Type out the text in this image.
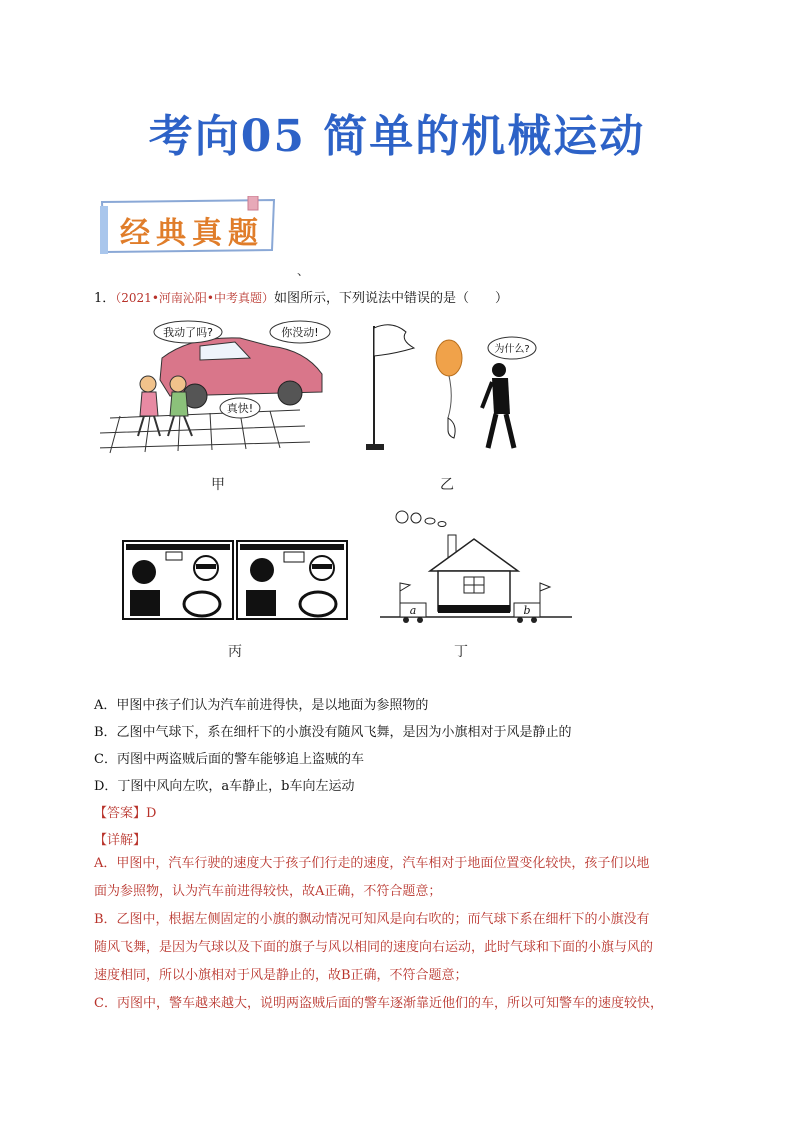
考向05 简单的机械运动
经典真题
、
1．（2021•河南沁阳•中考真题）如图所示，下列说法中错误的是（　　）
我动了吗?	你没动!
真快!
甲
为什么?
乙
丙
a	b
丁
A．甲图中孩子们认为汽车前进得快，是以地面为参照物的
B．乙图中气球下，系在细杆下的小旗没有随风飞舞，是因为小旗相对于风是静止的
C．丙图中两盗贼后面的警车能够追上盗贼的车
D．丁图中风向左吹，a车静止，b车向左运动
【答案】D
【详解】
A．甲图中，汽车行驶的速度大于孩子们行走的速度，汽车相对于地面位置变化较快，孩子们以地
面为参照物，认为汽车前进得较快，故A正确，不符合题意；
B．乙图中，根据左侧固定的小旗的飘动情况可知风是向右吹的；而气球下系在细杆下的小旗没有
随风飞舞，是因为气球以及下面的旗子与风以相同的速度向右运动，此时气球和下面的小旗与风的
速度相同，所以小旗相对于风是静止的，故B正确，不符合题意；
C．丙图中，警车越来越大，说明两盗贼后面的警车逐渐靠近他们的车，所以可知警车的速度较快，
